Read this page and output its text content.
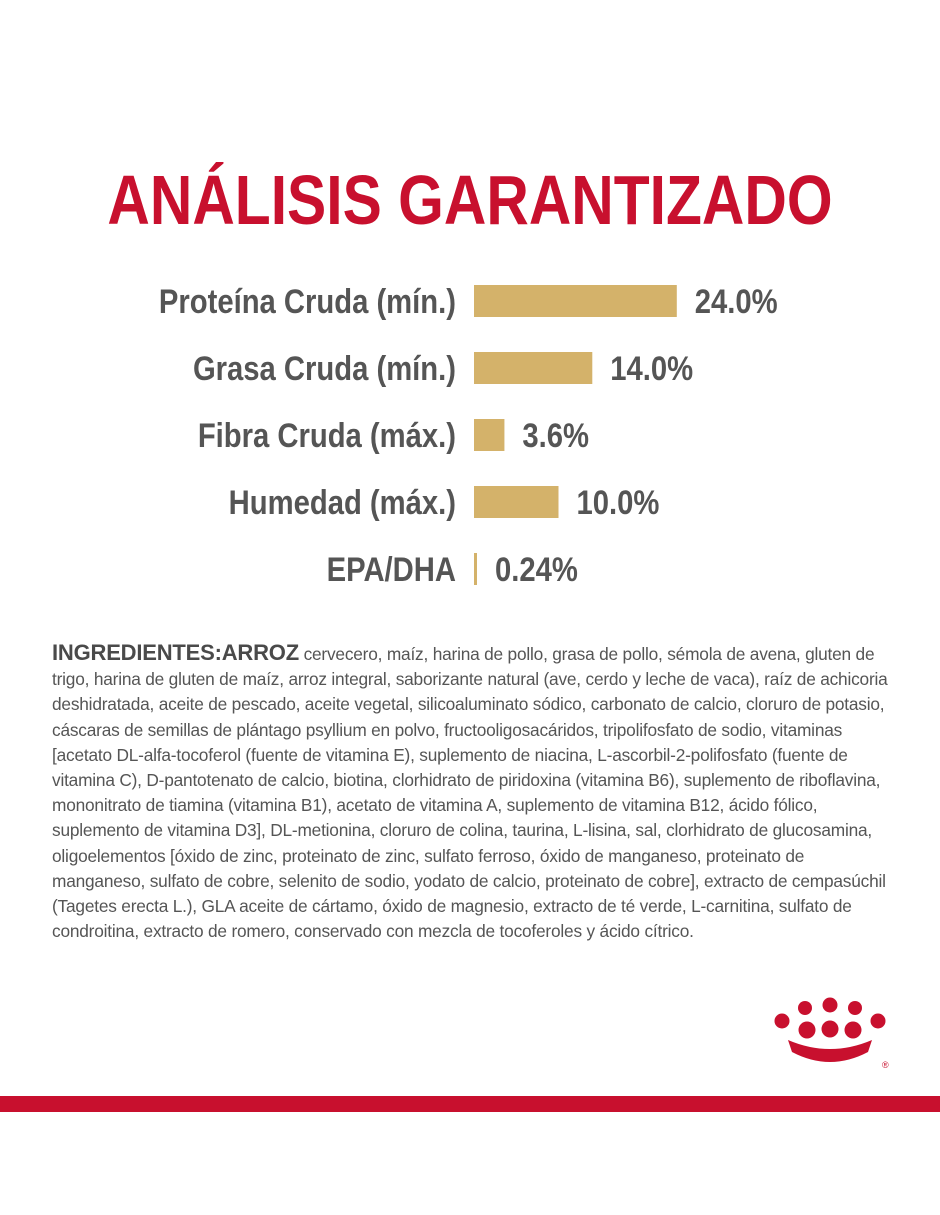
ANÁLISIS GARANTIZADO
Proteína Cruda (mín.)	24.0%
Grasa Cruda (mín.)	14.0%
Fibra Cruda (máx.) 3.6%
Humedad (máx.)	10.0%
EPA/DHA 0.24%
INGREDIENTES:ARROZ cervecero, maíz, harina de pollo, grasa de pollo, sémola de avena, gluten de trigo, harina de gluten de maíz, arroz integral, saborizante natural (ave, cerdo y leche de vaca), raíz de achicoria deshidratada, aceite de pescado, aceite vegetal, silicoaluminato sódico, carbonato de calcio, cloruro de potasio, cáscaras de semillas de plántago psyllium en polvo, fructooligosacáridos, tripolifosfato de sodio, vitaminas [acetato DL-alfa-tocoferol (fuente de vitamina E), suplemento de niacina, L-ascorbil-2-polifosfato (fuente de vitamina C), D-pantotenato de calcio, biotina, clorhidrato de piridoxina (vitamina B6), suplemento de riboflavina, mononitrato de tiamina (vitamina B1), acetato de vitamina A, suplemento de vitamina B12, ácido fólico, suplemento de vitamina D3], DL-metionina, cloruro de colina, taurina, L-lisina, sal, clorhidrato de glucosamina, oligoelementos [óxido de zinc, proteinato de zinc, sulfato ferroso, óxido de manganeso, proteinato de manganeso, sulfato de cobre, selenito de sodio, yodato de calcio, proteinato de cobre], extracto de cempasúchil (Tagetes erecta L.), GLA aceite de cártamo, óxido de magnesio, extracto de té verde, L-carnitina, sulfato de condroitina, extracto de romero, conservado con mezcla de tocoferoles y ácido cítrico.
®
